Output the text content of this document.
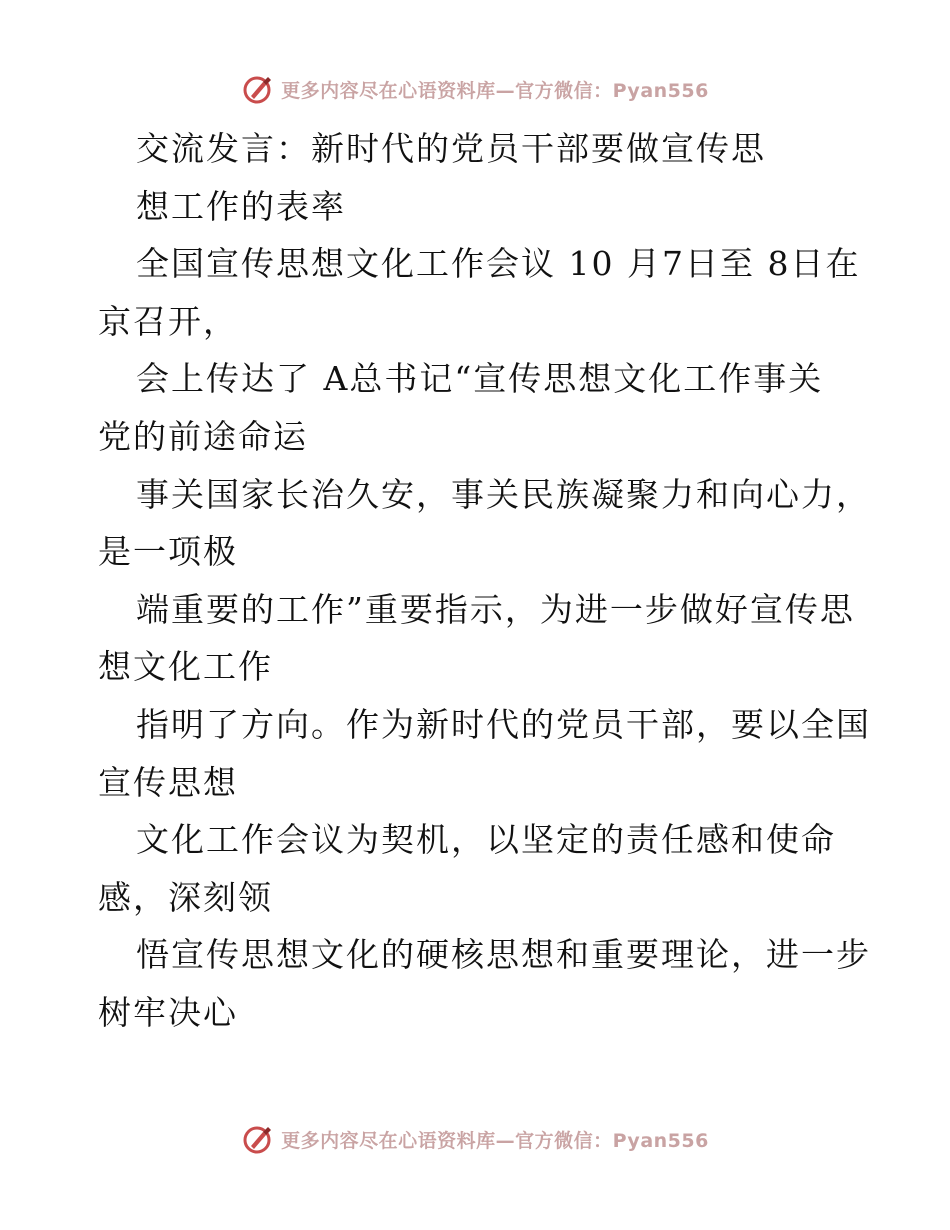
更多内容尽在心语资料库—官方微信：Pyan556
交流发言：新时代的党员干部要做宣传思
想工作的表率
全国宣传思想文化工作会议 10 月7日至 8日在
京召开，
会上传达了 A总书记“宣传思想文化工作事关
党的前途命运
事关国家长治久安，事关民族凝聚力和向心力，
是一项极
端重要的工作”重要指示，为进一步做好宣传思
想文化工作
指明了方向。作为新时代的党员干部，要以全国
宣传思想
文化工作会议为契机，以坚定的责任感和使命
感，深刻领
悟宣传思想文化的硬核思想和重要理论，进一步
树牢决心
更多内容尽在心语资料库—官方微信：Pyan556
